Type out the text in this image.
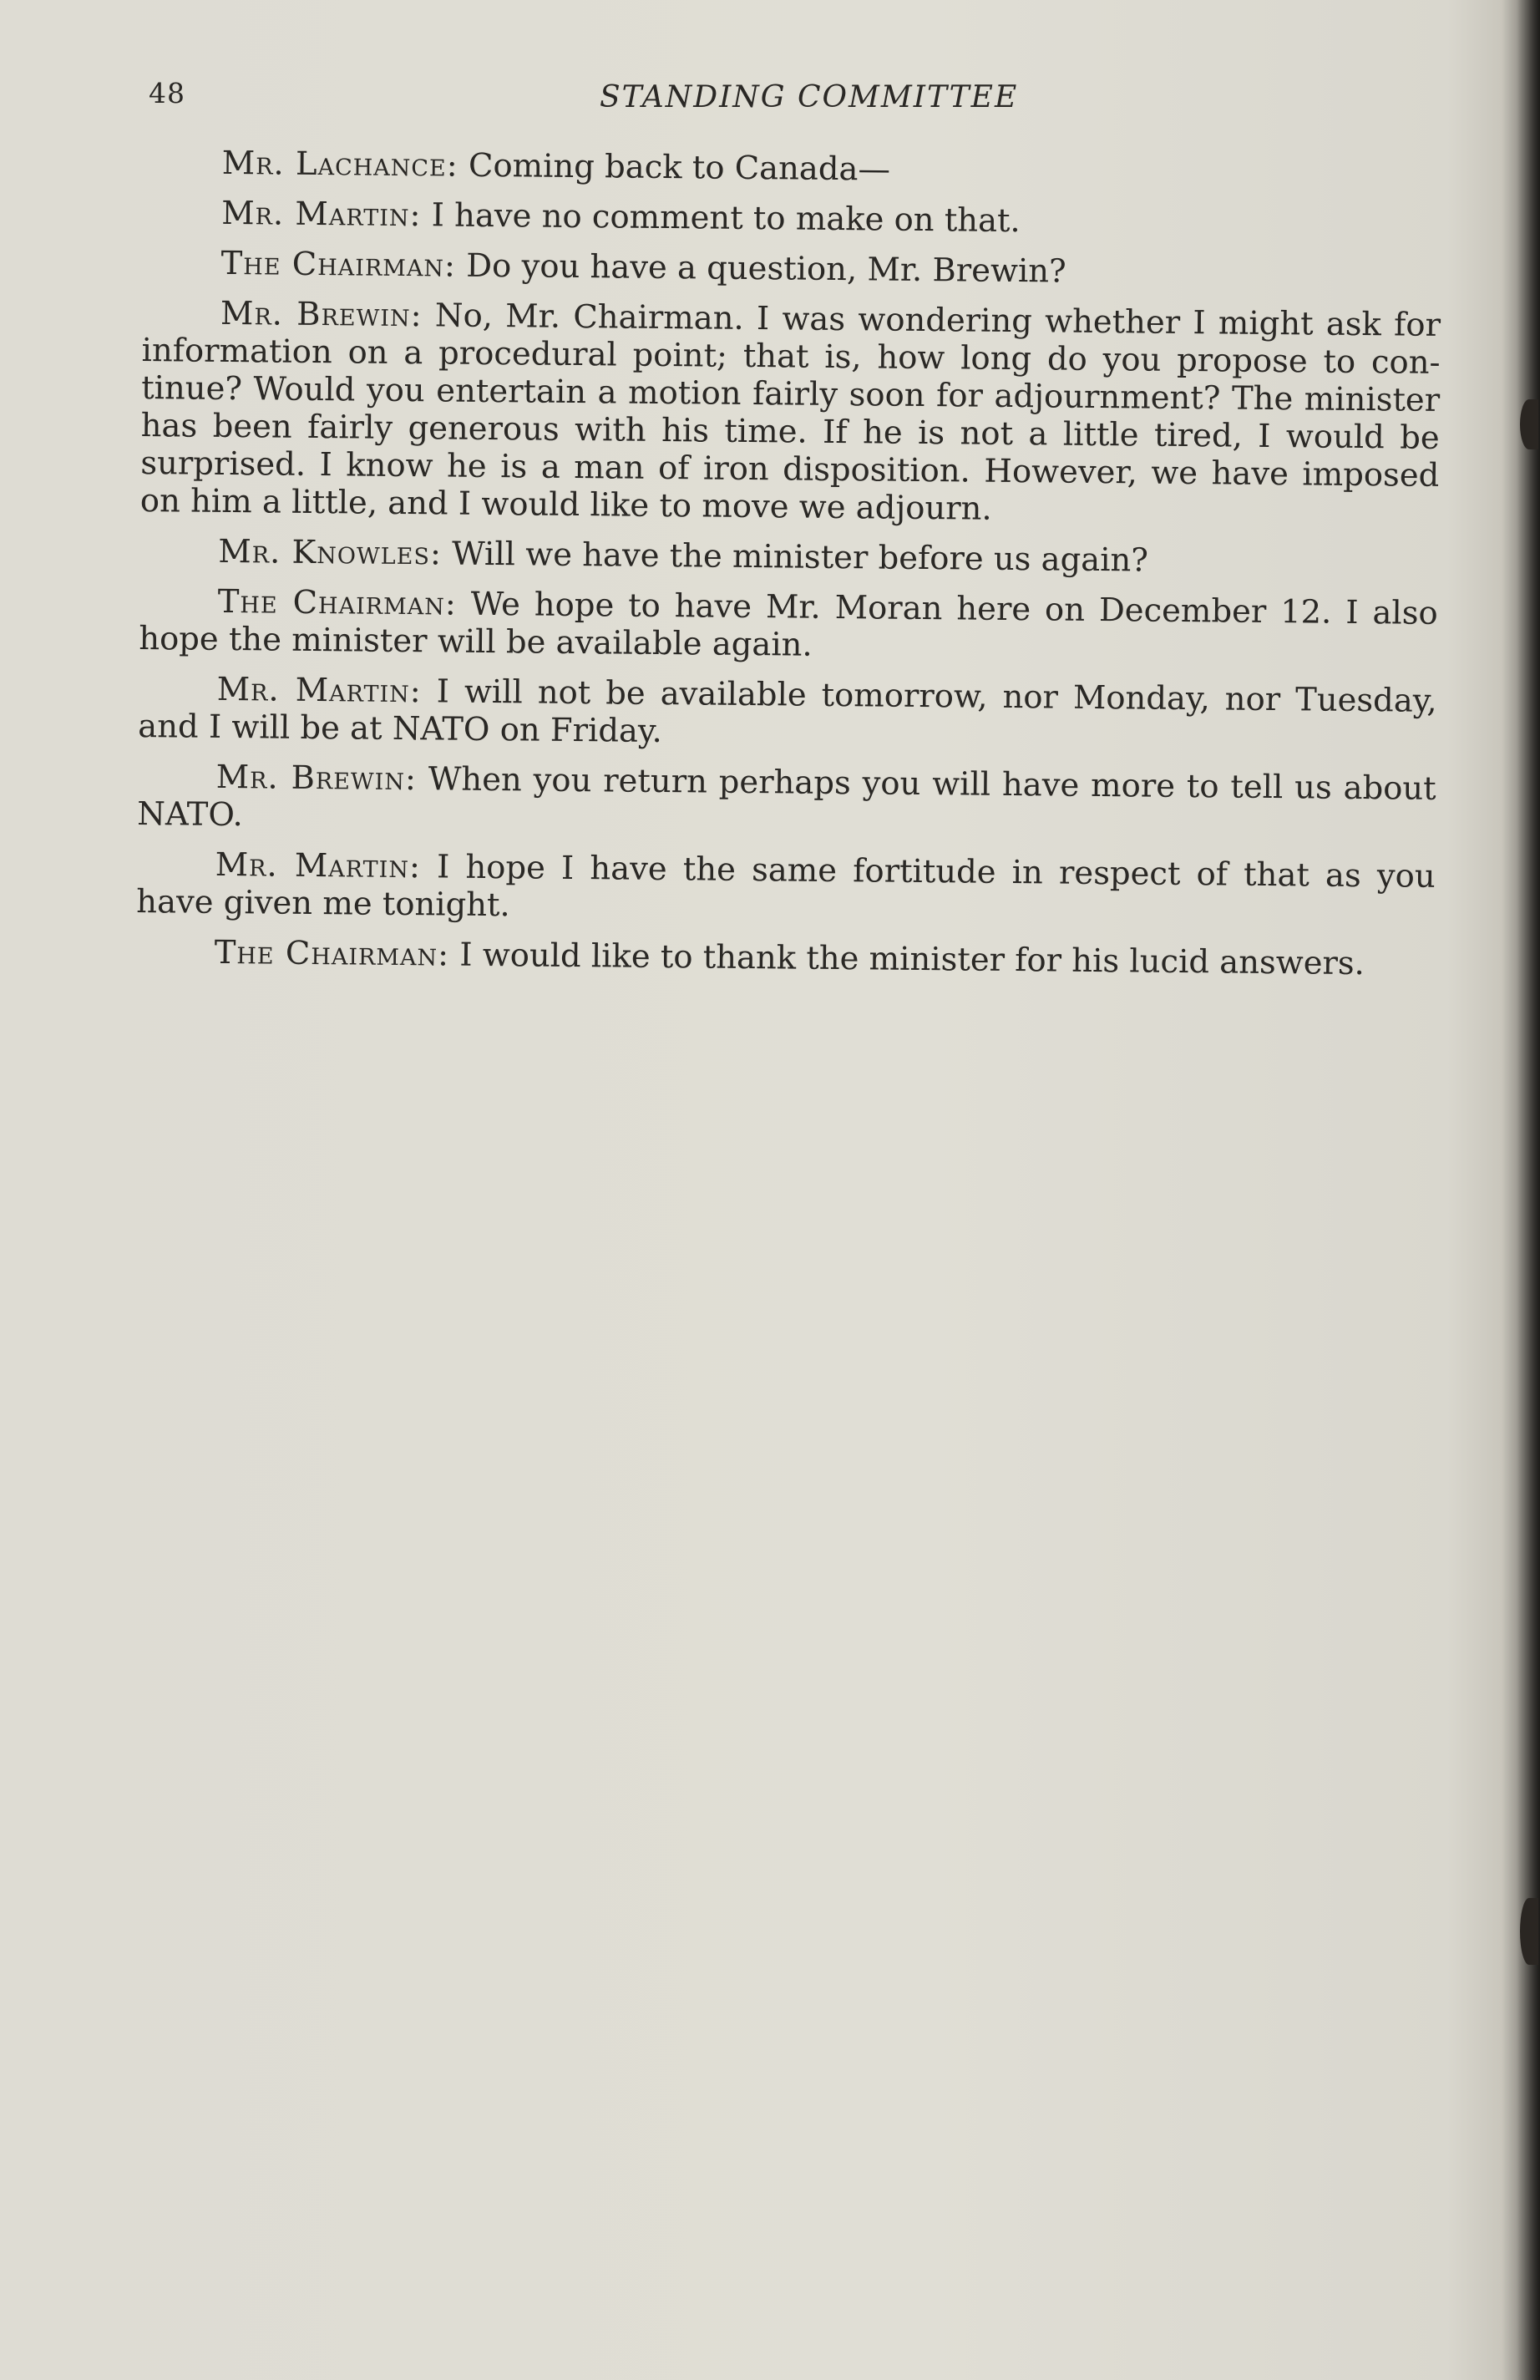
48	STANDING COMMITTEE

Mr. Lachance: Coming back to Canada—

Mr. Martin: I have no comment to make on that.

The Chairman: Do you have a question, Mr. Brewin?

Mr. Brewin: No, Mr. Chairman. I was wondering whether I might ask for information on a procedural point; that is, how long do you propose to continue? Would you entertain a motion fairly soon for adjournment? The minister has been fairly generous with his time. If he is not a little tired, I would be surprised. I know he is a man of iron disposition. However, we have imposed on him a little, and I would like to move we adjourn.

Mr. Knowles: Will we have the minister before us again?

The Chairman: We hope to have Mr. Moran here on December 12. I also hope the minister will be available again.

Mr. Martin: I will not be available tomorrow, nor Monday, nor Tuesday, and I will be at NATO on Friday.

Mr. Brewin: When you return perhaps you will have more to tell us about NATO.

Mr. Martin: I hope I have the same fortitude in respect of that as you have given me tonight.

The Chairman: I would like to thank the minister for his lucid answers.
